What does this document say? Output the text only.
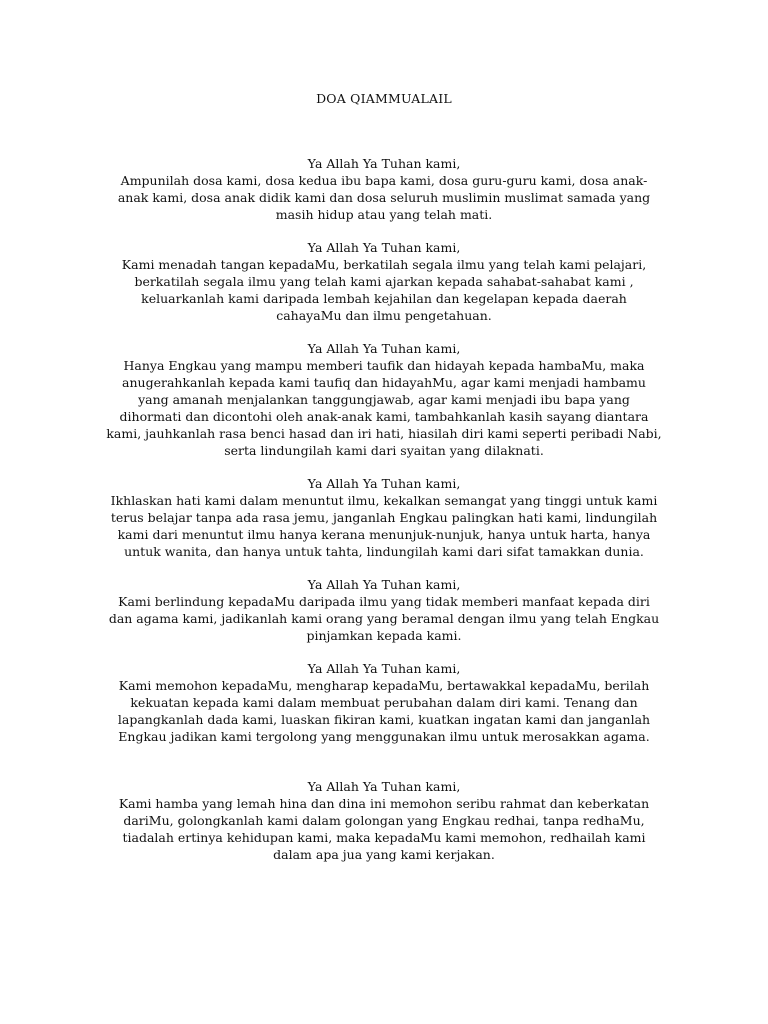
DOA QIAMMUALAIL
Ya Allah Ya Tuhan kami,
Ampunilah dosa kami, dosa kedua ibu bapa kami, dosa guru-guru kami, dosa anak-
anak kami, dosa anak didik kami dan dosa seluruh muslimin muslimat samada yang
masih hidup atau yang telah mati.
Ya Allah Ya Tuhan kami,
Kami menadah tangan kepadaMu, berkatilah segala ilmu yang telah kami pelajari,
berkatilah segala ilmu yang telah kami ajarkan kepada sahabat-sahabat kami ,
keluarkanlah kami daripada lembah kejahilan dan kegelapan kepada daerah
cahayaMu dan ilmu pengetahuan.
Ya Allah Ya Tuhan kami,
Hanya Engkau yang mampu memberi taufik dan hidayah kepada hambaMu, maka
anugerahkanlah kepada kami taufiq dan hidayahMu, agar kami menjadi hambamu
yang amanah menjalankan tanggungjawab, agar kami menjadi ibu bapa yang
dihormati dan dicontohi oleh anak-anak kami, tambahkanlah kasih sayang diantara
kami, jauhkanlah rasa benci hasad dan iri hati, hiasilah diri kami seperti peribadi Nabi,
serta lindungilah kami dari syaitan yang dilaknati.
Ya Allah Ya Tuhan kami,
Ikhlaskan hati kami dalam menuntut ilmu, kekalkan semangat yang tinggi untuk kami
terus belajar tanpa ada rasa jemu, janganlah Engkau palingkan hati kami, lindungilah
kami dari menuntut ilmu hanya kerana menunjuk-nunjuk, hanya untuk harta, hanya
untuk wanita, dan hanya untuk tahta, lindungilah kami dari sifat tamakkan dunia.
Ya Allah Ya Tuhan kami,
Kami berlindung kepadaMu daripada ilmu yang tidak memberi manfaat kepada diri
dan agama kami, jadikanlah kami orang yang beramal dengan ilmu yang telah Engkau
pinjamkan kepada kami.
Ya Allah Ya Tuhan kami,
Kami memohon kepadaMu, mengharap kepadaMu, bertawakkal kepadaMu, berilah
kekuatan kepada kami dalam membuat perubahan dalam diri kami. Tenang dan
lapangkanlah dada kami, luaskan fikiran kami, kuatkan ingatan kami dan janganlah
Engkau jadikan kami tergolong yang menggunakan ilmu untuk merosakkan agama.
Ya Allah Ya Tuhan kami,
Kami hamba yang lemah hina dan dina ini memohon seribu rahmat dan keberkatan
dariMu, golongkanlah kami dalam golongan yang Engkau redhai, tanpa redhaMu,
tiadalah ertinya kehidupan kami, maka kepadaMu kami memohon, redhailah kami
dalam apa jua yang kami kerjakan.
